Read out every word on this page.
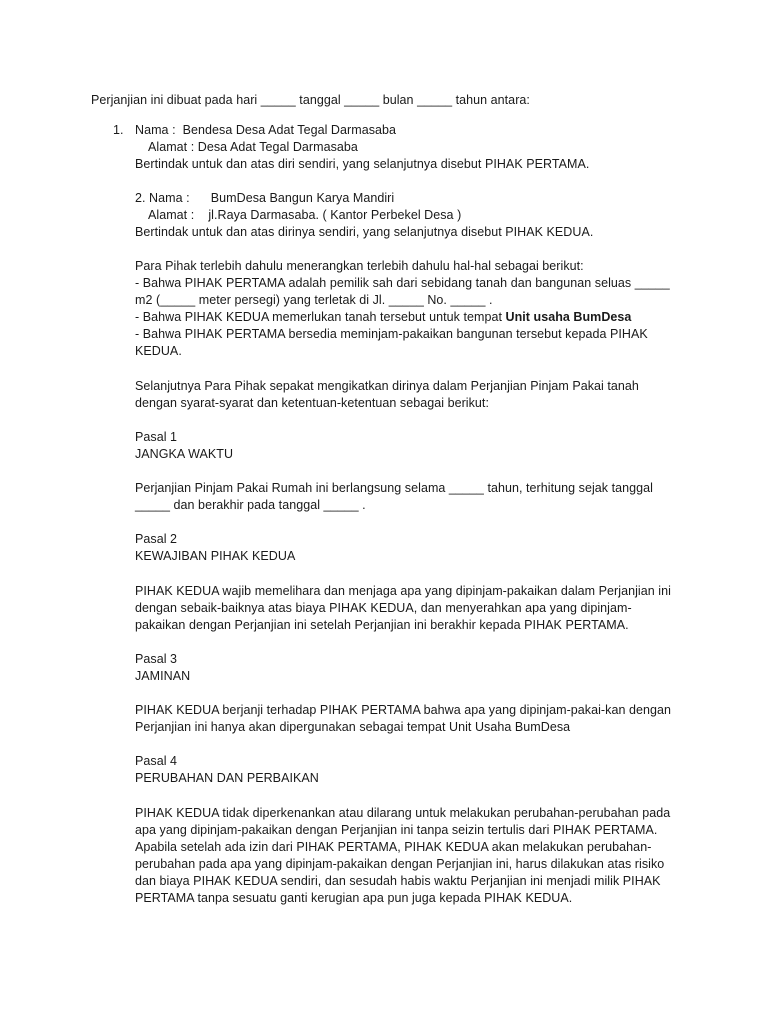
Perjanjian ini dibuat pada hari _____ tanggal _____ bulan _____ tahun antara:
1. Nama :  Bendesa Desa Adat Tegal Darmasaba
Alamat : Desa Adat Tegal Darmasaba
Bertindak untuk dan atas diri sendiri, yang selanjutnya disebut PIHAK PERTAMA.
2. Nama :      BumDesa Bangun Karya Mandiri
Alamat :    jl.Raya Darmasaba. ( Kantor Perbekel Desa )
Bertindak untuk dan atas dirinya sendiri, yang selanjutnya disebut PIHAK KEDUA.
Para Pihak terlebih dahulu menerangkan terlebih dahulu hal-hal sebagai berikut:
- Bahwa PIHAK PERTAMA adalah pemilik sah dari sebidang tanah dan bangunan seluas _____
m2 (_____ meter persegi) yang terletak di Jl. _____ No. _____ .
- Bahwa PIHAK KEDUA memerlukan tanah tersebut untuk tempat Unit usaha BumDesa
- Bahwa PIHAK PERTAMA bersedia meminjam-pakaikan bangunan tersebut kepada PIHAK
KEDUA.
Selanjutnya Para Pihak sepakat mengikatkan dirinya dalam Perjanjian Pinjam Pakai tanah
dengan syarat-syarat dan ketentuan-ketentuan sebagai berikut:
Pasal 1
JANGKA WAKTU
Perjanjian Pinjam Pakai Rumah ini berlangsung selama _____ tahun, terhitung sejak tanggal
_____ dan berakhir pada tanggal _____ .
Pasal 2
KEWAJIBAN PIHAK KEDUA
PIHAK KEDUA wajib memelihara dan menjaga apa yang dipinjam-pakaikan dalam Perjanjian ini
dengan sebaik-baiknya atas biaya PIHAK KEDUA, dan menyerahkan apa yang dipinjam-
pakaikan dengan Perjanjian ini setelah Perjanjian ini berakhir kepada PIHAK PERTAMA.
Pasal 3
JAMINAN
PIHAK KEDUA berjanji terhadap PIHAK PERTAMA bahwa apa yang dipinjam-pakai-kan dengan
Perjanjian ini hanya akan dipergunakan sebagai tempat Unit Usaha BumDesa
Pasal 4
PERUBAHAN DAN PERBAIKAN
PIHAK KEDUA tidak diperkenankan atau dilarang untuk melakukan perubahan-perubahan pada
apa yang dipinjam-pakaikan dengan Perjanjian ini tanpa seizin tertulis dari PIHAK PERTAMA.
Apabila setelah ada izin dari PIHAK PERTAMA, PIHAK KEDUA akan melakukan perubahan-
perubahan pada apa yang dipinjam-pakaikan dengan Perjanjian ini, harus dilakukan atas risiko
dan biaya PIHAK KEDUA sendiri, dan sesudah habis waktu Perjanjian ini menjadi milik PIHAK
PERTAMA tanpa sesuatu ganti kerugian apa pun juga kepada PIHAK KEDUA.
